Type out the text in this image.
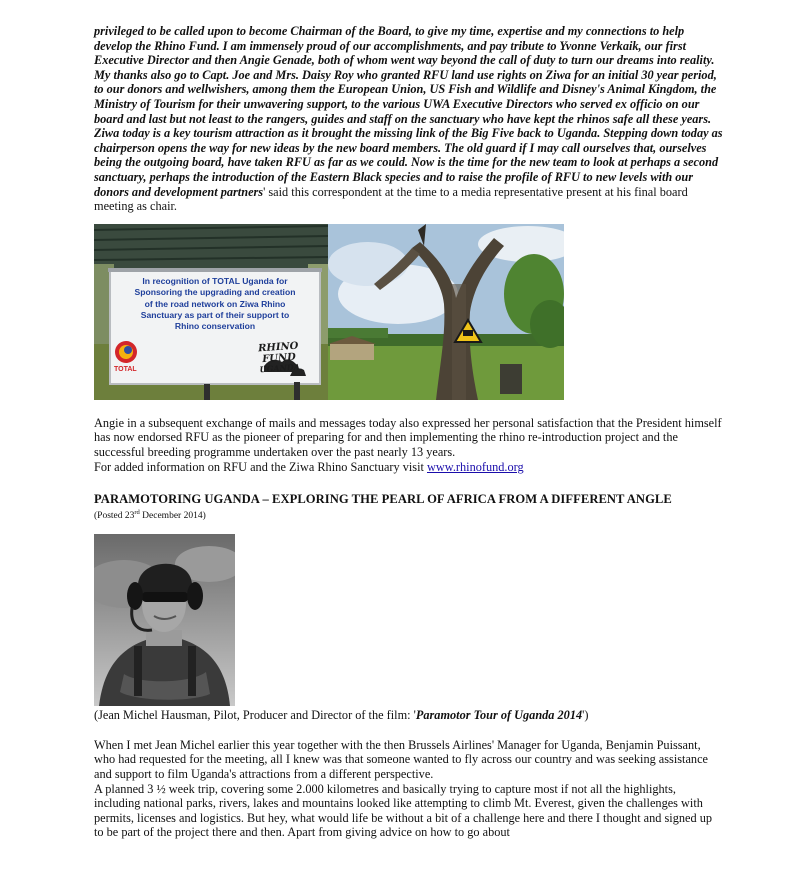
privileged to be called upon to become Chairman of the Board, to give my time, expertise and my connections to help develop the Rhino Fund. I am immensely proud of our accomplishments, and pay tribute to Yvonne Verkaik, our first Executive Director and then Angie Genade, both of whom went way beyond the call of duty to turn our dreams into reality. My thanks also go to Capt. Joe and Mrs. Daisy Roy who granted RFU land use rights on Ziwa for an initial 30 year period, to our donors and wellwishers, among them the European Union, US Fish and Wildlife and Disney's Animal Kingdom, the Ministry of Tourism for their unwavering support, to the various UWA Executive Directors who served ex officio on our board and last but not least to the rangers, guides and staff on the sanctuary who have kept the rhinos safe all these years. Ziwa today is a key tourism attraction as it brought the missing link of the Big Five back to Uganda. Stepping down today as chairperson opens the way for new ideas by the new board members. The old guard if I may call ourselves that, ourselves being the outgoing board, have taken RFU as far as we could. Now is the time for the new team to look at perhaps a second sanctuary, perhaps the introduction of the Eastern Black species and to raise the profile of RFU to new levels with our donors and development partners' said this correspondent at the time to a media representative present at his final board meeting as chair.

In recognition of TOTAL Uganda for
Sponsoring the upgrading and creation
of the road network on Ziwa Rhino
Sanctuary as part of their support to
Rhino conservation
TOTAL
RHINO FUND
UGANDA

Angie in a subsequent exchange of mails and messages today also expressed her personal satisfaction that the President himself has now endorsed RFU as the pioneer of preparing for and then implementing the rhino re-introduction project and the successful breeding programme undertaken over the past nearly 13 years.
For added information on RFU and the Ziwa Rhino Sanctuary visit www.rhinofund.org

PARAMOTORING UGANDA – EXPLORING THE PEARL OF AFRICA FROM A DIFFERENT ANGLE
(Posted 23rd December 2014)

(Jean Michel Hausman, Pilot, Producer and Director of the film: 'Paramotor Tour of Uganda 2014')

When I met Jean Michel earlier this year together with the then Brussels Airlines' Manager for Uganda, Benjamin Puissant, who had requested for the meeting, all I knew was that someone wanted to fly across our country and was seeking assistance and support to film Uganda's attractions from a different perspective.

A planned 3 ½ week trip, covering some 2.000 kilometres and basically trying to capture most if not all the highlights, including national parks, rivers, lakes and mountains looked like attempting to climb Mt. Everest, given the challenges with permits, licenses and logistics. But hey, what would life be without a bit of a challenge here and there I thought and signed up to be part of the project there and then. Apart from giving advice on how to go about
